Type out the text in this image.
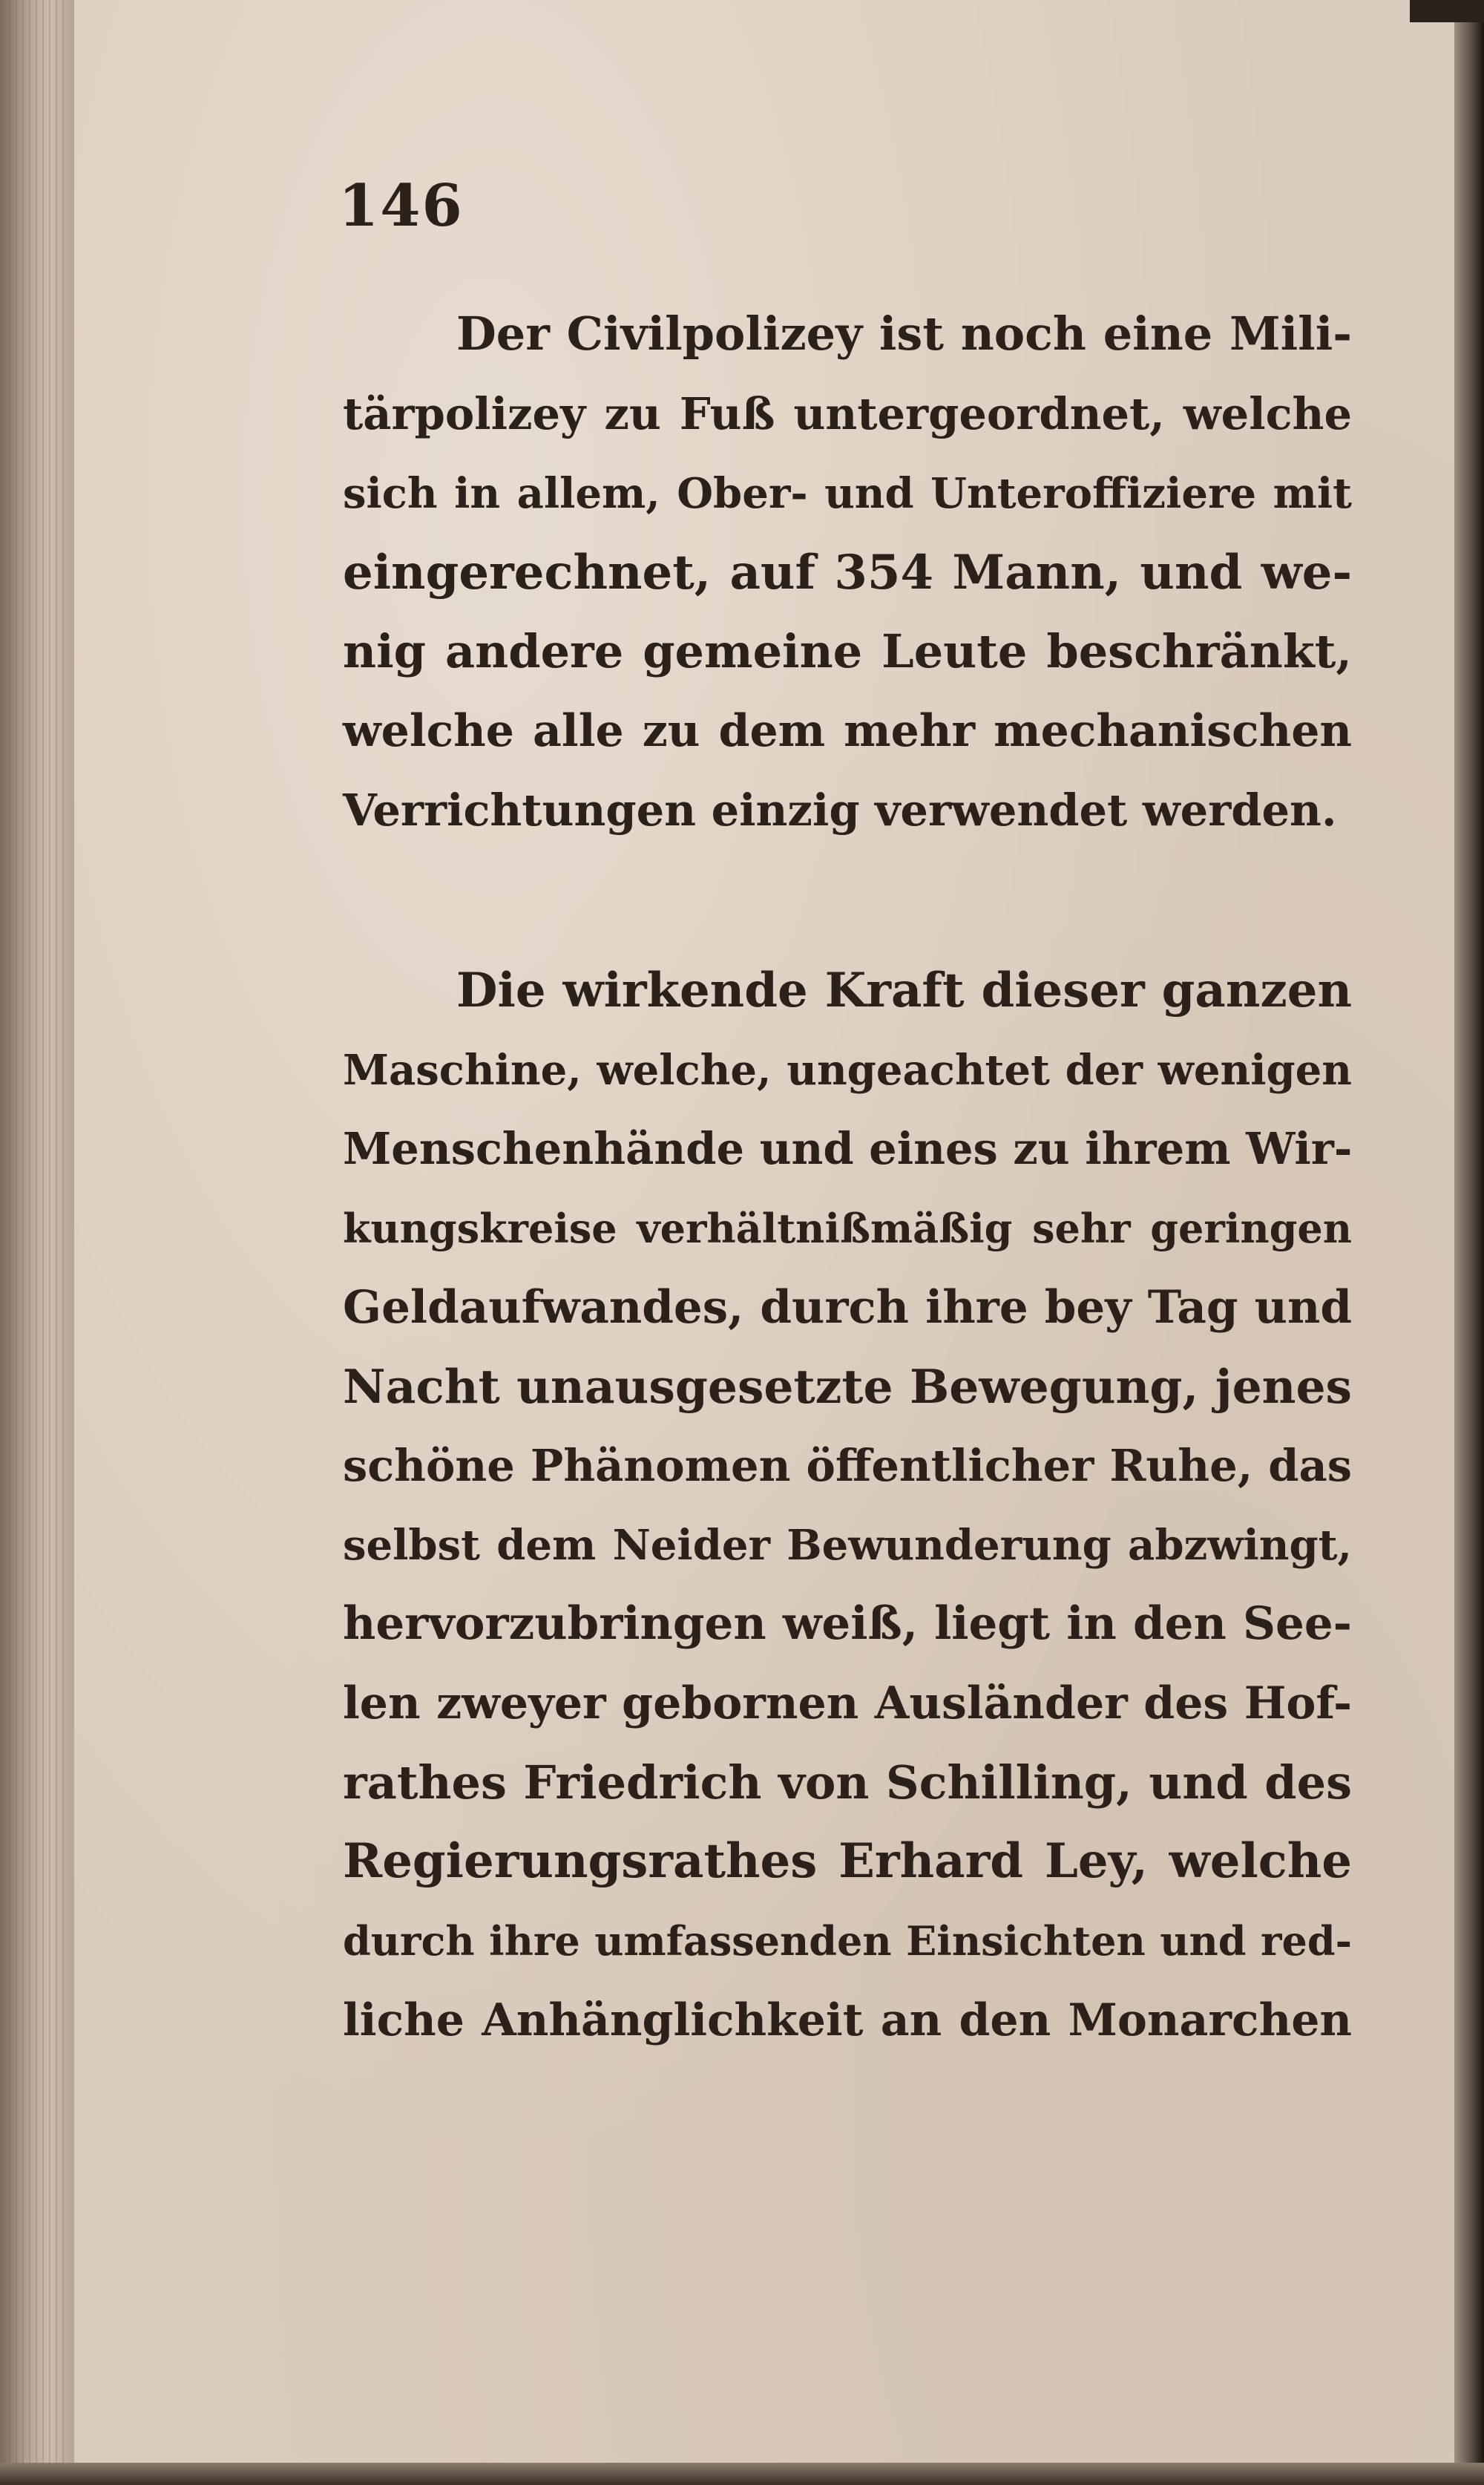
146
Der Civilpolizey ist noch eine Mili-
tärpolizey zu Fuß untergeordnet, welche
sich in allem, Ober- und Unteroffiziere mit
eingerechnet, auf 354 Mann, und we-
nig andere gemeine Leute beschränkt,
welche alle zu dem mehr mechanischen
Verrichtungen einzig verwendet werden.
Die wirkende Kraft dieser ganzen
Maschine, welche, ungeachtet der wenigen
Menschenhände und eines zu ihrem Wir-
kungskreise verhältnißmäßig sehr geringen
Geldaufwandes, durch ihre bey Tag und
Nacht unausgesetzte Bewegung, jenes
schöne Phänomen öffentlicher Ruhe, das
selbst dem Neider Bewunderung abzwingt,
hervorzubringen weiß, liegt in den See-
len zweyer gebornen Ausländer des Hof-
rathes Friedrich von Schilling, und des
Regierungsrathes Erhard Ley, welche
durch ihre umfassenden Einsichten und red-
liche Anhänglichkeit an den Monarchen
